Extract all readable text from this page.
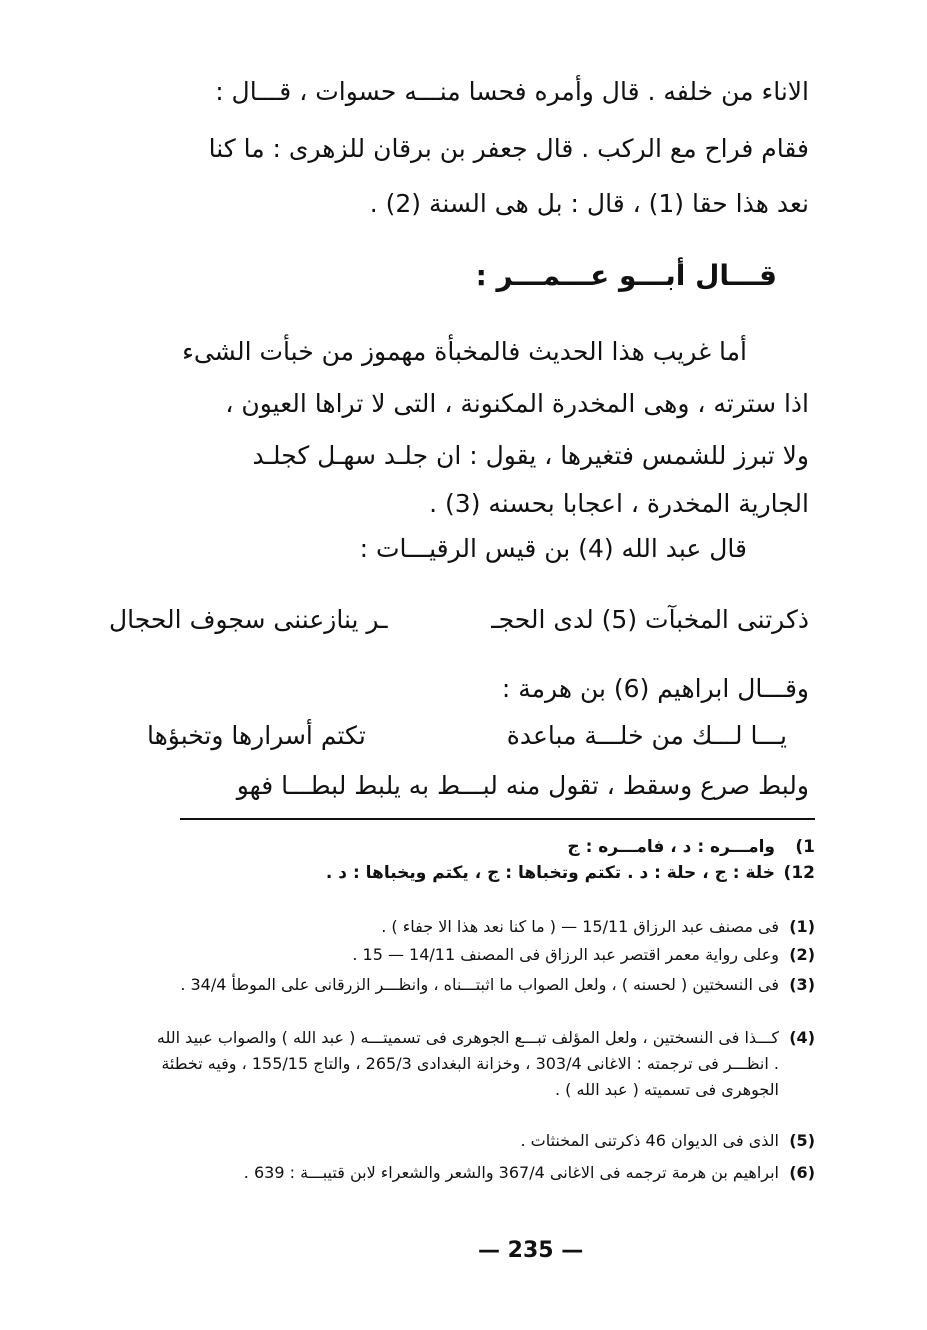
الاناء من خلفه . قال وأمره فحسا منـــه حسوات ، قـــال :
فقام فراح مع الركب . قال جعفر بن برقان للزهرى : ما كنا
نعد هذا حقا (1) ، قال : بل هى السنة (2) .
قـــال أبـــو عـــمـــر :
أما غريب هذا الحديث فالمخبأة مهموز من خبأت الشىء
اذا سترته ، وهى المخدرة المكنونة ، التى لا تراها العيون ،
ولا تبرز للشمس فتغيرها ، يقول : ان جلـد سهـل كجلـد
الجارية المخدرة ، اعجابا بحسنه (3) .
قال عبد الله (4) بن قيس الرقيـــات :
ذكرتنى المخبآت (5) لدى الحجـ
ـر ينازعننى سجوف الحجال
وقـــال ابراهيم (6) بن هرمة :
يـــا لـــك من خلـــة مباعدة
تكتم أسرارها وتخبؤها
ولبط صرع وسقط ، تقول منه لبـــط به يلبط لبطـــا فهو
1)
وامـــره : د ، فامـــره : ج
12)
خلة : ج ، حلة : د . تكتم وتخباها : ج ، يكتم ويخباها : د .
(1)
فى مصنف عبد الرزاق 15/11 — ( ما كنا نعد هذا الا جفاء ) .
(2)
وعلى رواية معمر اقتصر عبد الرزاق فى المصنف 14/11 — 15 .
(3)
فى النسختين ( لحسنه ) ، ولعل الصواب ما اثبتـــناه ، وانظـــر الزرقانى على الموطأ 34/4 .
(4)
كـــذا فى النسختين ، ولعل المؤلف تبـــع الجوهرى فى تسميتـــه ( عبد الله ) والصواب عبيد الله . انظـــر فى ترجمته : الاغانى 303/4 ، وخزانة البغدادى 265/3 ، والتاج 155/15 ، وفيه تخطئة الجوهرى فى تسميته ( عبد الله ) .
(5)
الذى فى الديوان 46 ذكرتنى المخنثات .
(6)
ابراهيم بن هرمة ترجمه فى الاغانى 367/4 والشعر والشعراء لابن قتيبـــة : 639 .
— 235 —
